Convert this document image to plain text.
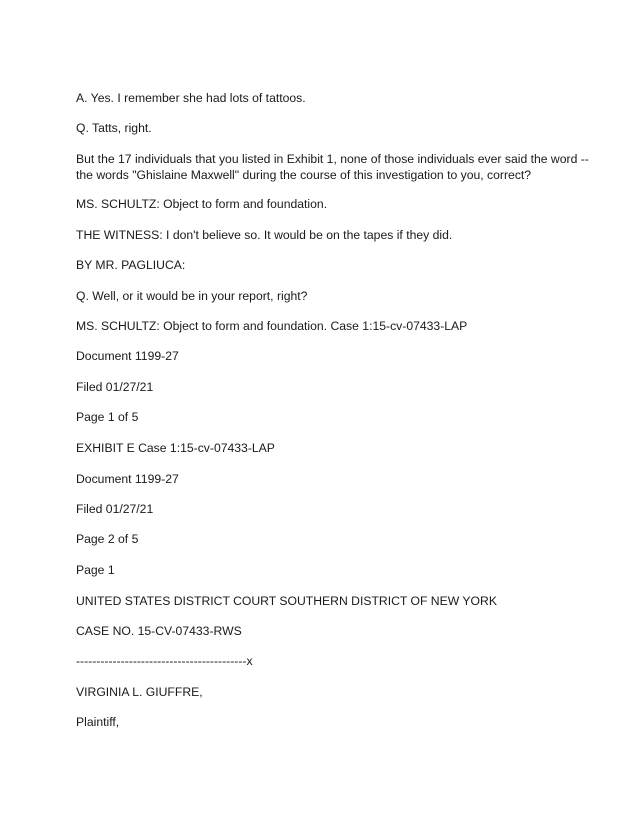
A. Yes. I remember she had lots of tattoos.
Q. Tatts, right.
But the 17 individuals that you listed in Exhibit 1, none of those individuals ever said the word --
the words "Ghislaine Maxwell" during the course of this investigation to you, correct?
MS. SCHULTZ: Object to form and foundation.
THE WITNESS: I don't believe so. It would be on the tapes if they did.
BY MR. PAGLIUCA:
Q. Well, or it would be in your report, right?
MS. SCHULTZ: Object to form and foundation. Case 1:15-cv-07433-LAP
Document 1199-27
Filed 01/27/21
Page 1 of 5
EXHIBIT E Case 1:15-cv-07433-LAP
Document 1199-27
Filed 01/27/21
Page 2 of 5
Page 1
UNITED STATES DISTRICT COURT SOUTHERN DISTRICT OF NEW YORK
CASE NO. 15-CV-07433-RWS
------------------------------------------x
VIRGINIA L. GIUFFRE,
Plaintiff,
